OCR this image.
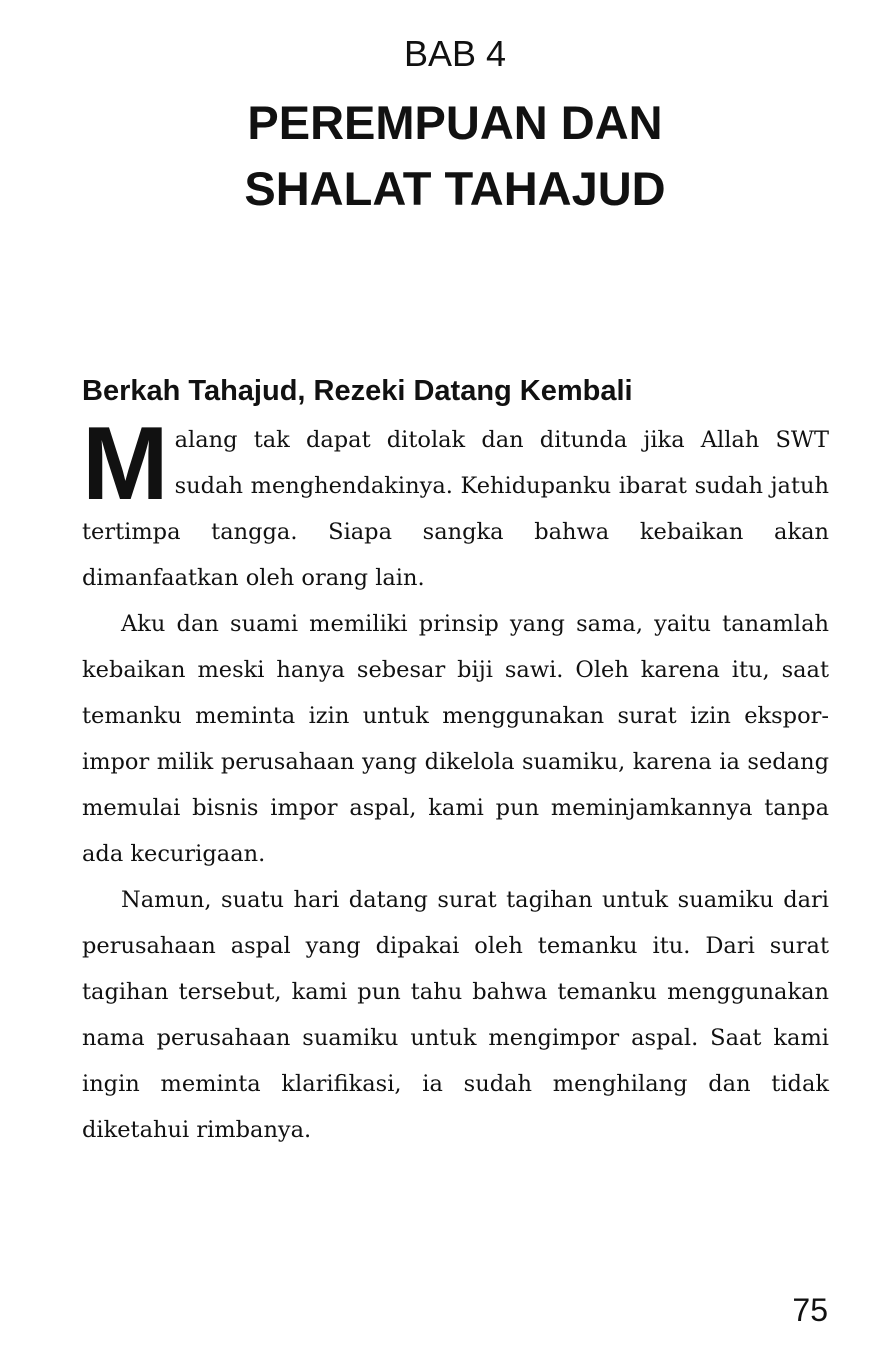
BAB 4
PEREMPUAN DAN
SHALAT TAHAJUD
Berkah Tahajud, Rezeki Datang Kembali

Malang tak dapat ditolak dan ditunda jika Allah SWT sudah menghendakinya. Kehidupanku ibarat sudah jatuh tertimpa tangga. Siapa sangka bahwa kebaikan akan dimanfaatkan oleh orang lain.

Aku dan suami memiliki prinsip yang sama, yaitu tanamlah kebaikan meski hanya sebesar biji sawi. Oleh karena itu, saat temanku meminta izin untuk menggunakan surat izin ekspor-impor milik perusahaan yang dikelola suamiku, karena ia sedang memulai bisnis impor aspal, kami pun meminjamkannya tanpa ada kecurigaan.

Namun, suatu hari datang surat tagihan untuk suamiku dari perusahaan aspal yang dipakai oleh temanku itu. Dari surat tagihan tersebut, kami pun tahu bahwa temanku menggunakan nama perusahaan suamiku untuk mengimpor aspal. Saat kami ingin meminta klarifikasi, ia sudah menghilang dan tidak diketahui rimbanya.

75
